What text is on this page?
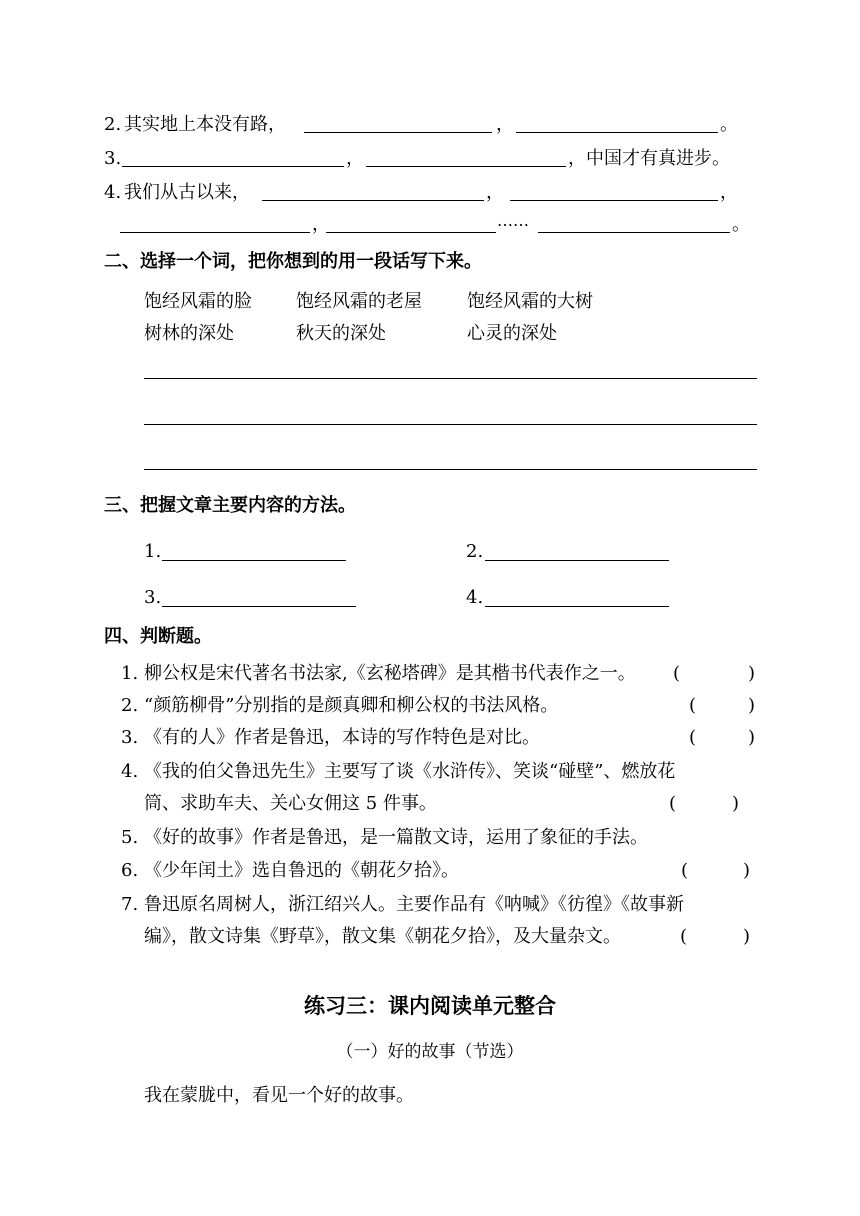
2. 其实地上本没有路，	，	。
3.	，	，中国才有真进步。
4. 我们从古以来，	，	，
，	……	。
二、选择一个词，把你想到的用一段话写下来。
饱经风霜的脸 饱经风霜的老屋	饱经风霜的大树
树林的深处	秋天的深处	心灵的深处
三、把握文章主要内容的方法。
1.	2.
3.	4.
四、判断题。
1. 柳公权是宋代著名书法家,《玄秘塔碑》是其楷书代表作之一。 (	)
2. “颜筋柳骨”分别指的是颜真卿和柳公权的书法风格。	(	)
3. 《有的人》作者是鲁迅，本诗的写作特色是对比。	(	)
4. 《我的伯父鲁迅先生》主要写了谈《水浒传》、笑谈“碰壁”、燃放花
筒、求助车夫、关心女佣这 5 件事。	(	)
5. 《好的故事》作者是鲁迅，是一篇散文诗，运用了象征的手法。
6. 《少年闰土》选自鲁迅的《朝花夕拾》。	(	)
7. 鲁迅原名周树人，浙江绍兴人。主要作品有《呐喊》《彷徨》《故事新
编》，散文诗集《野草》，散文集《朝花夕拾》，及大量杂文。	(	)
练习三：课内阅读单元整合
（一）好的故事（节选）
我在蒙胧中，看见一个好的故事。
